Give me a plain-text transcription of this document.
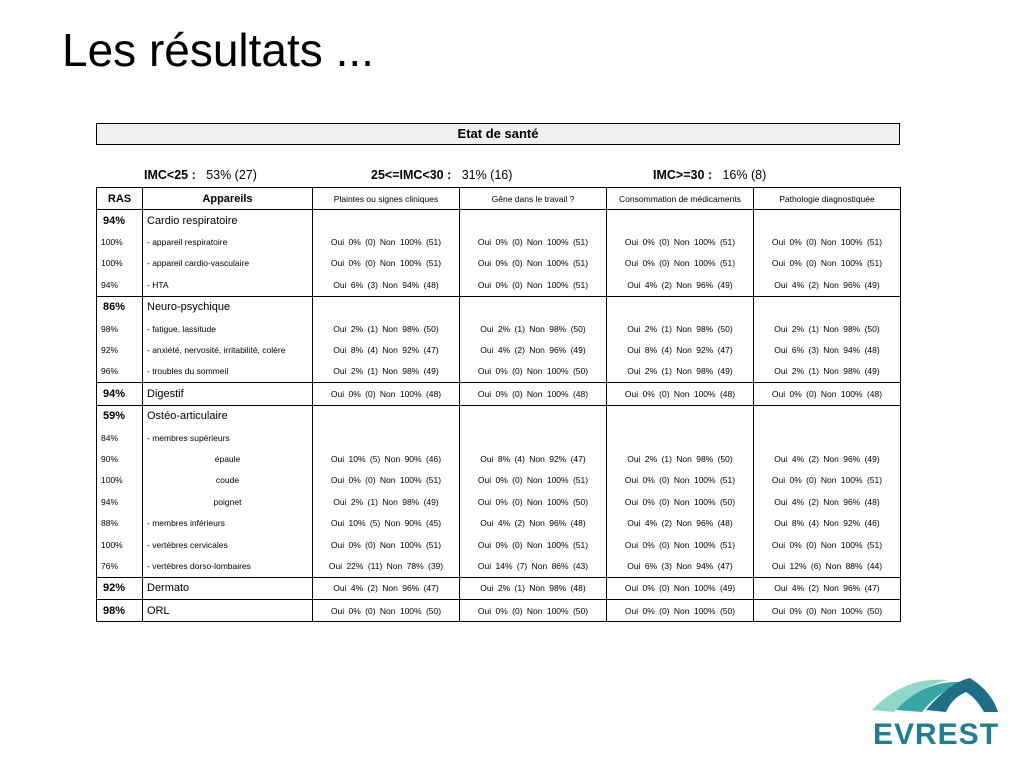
Les résultats ...
Etat de santé
IMC<25 : 53% (27)	25<=IMC<30 : 31% (16)	IMC>=30 : 16% (8)
RAS	Appareils	Plaintes ou signes cliniques	Gêne dans le travail ?	Consommation de médicaments	Pathologie diagnostiquée
94%	Cardio respiratoire				
100%	- appareil respiratoire	Oui 0% (0) Non 100% (51)	Oui 0% (0) Non 100% (51)	Oui 0% (0) Non 100% (51)	Oui 0% (0) Non 100% (51)
100%	- appareil cardio-vasculaire	Oui 0% (0) Non 100% (51)	Oui 0% (0) Non 100% (51)	Oui 0% (0) Non 100% (51)	Oui 0% (0) Non 100% (51)
94%	- HTA	Oui 6% (3) Non 94% (48)	Oui 0% (0) Non 100% (51)	Oui 4% (2) Non 96% (49)	Oui 4% (2) Non 96% (49)
86%	Neuro-psychique				
98%	- fatigue, lassitude	Oui 2% (1) Non 98% (50)	Oui 2% (1) Non 98% (50)	Oui 2% (1) Non 98% (50)	Oui 2% (1) Non 98% (50)
92%	- anxiété, nervosité, irritabilité, colère	Oui 8% (4) Non 92% (47)	Oui 4% (2) Non 96% (49)	Oui 8% (4) Non 92% (47)	Oui 6% (3) Non 94% (48)
96%	- troubles du sommeil	Oui 2% (1) Non 98% (49)	Oui 0% (0) Non 100% (50)	Oui 2% (1) Non 98% (49)	Oui 2% (1) Non 98% (49)
94%	Digestif	Oui 0% (0) Non 100% (48)	Oui 0% (0) Non 100% (48)	Oui 0% (0) Non 100% (48)	Oui 0% (0) Non 100% (48)
59%	Ostéo-articulaire				
84%	- membres supérieurs				
90%	épaule	Oui 10% (5) Non 90% (46)	Oui 8% (4) Non 92% (47)	Oui 2% (1) Non 98% (50)	Oui 4% (2) Non 96% (49)
100%	coude	Oui 0% (0) Non 100% (51)	Oui 0% (0) Non 100% (51)	Oui 0% (0) Non 100% (51)	Oui 0% (0) Non 100% (51)
94%	poignet	Oui 2% (1) Non 98% (49)	Oui 0% (0) Non 100% (50)	Oui 0% (0) Non 100% (50)	Oui 4% (2) Non 96% (48)
88%	- membres inférieurs	Oui 10% (5) Non 90% (45)	Oui 4% (2) Non 96% (48)	Oui 4% (2) Non 96% (48)	Oui 8% (4) Non 92% (46)
100%	- vertèbres cervicales	Oui 0% (0) Non 100% (51)	Oui 0% (0) Non 100% (51)	Oui 0% (0) Non 100% (51)	Oui 0% (0) Non 100% (51)
76%	- vertèbres dorso-lombaires	Oui 22% (11) Non 78% (39)	Oui 14% (7) Non 86% (43)	Oui 6% (3) Non 94% (47)	Oui 12% (6) Non 88% (44)
92%	Dermato	Oui 4% (2) Non 96% (47)	Oui 2% (1) Non 98% (48)	Oui 0% (0) Non 100% (49)	Oui 4% (2) Non 96% (47)
98%	ORL	Oui 0% (0) Non 100% (50)	Oui 0% (0) Non 100% (50)	Oui 0% (0) Non 100% (50)	Oui 0% (0) Non 100% (50)
EVREST
